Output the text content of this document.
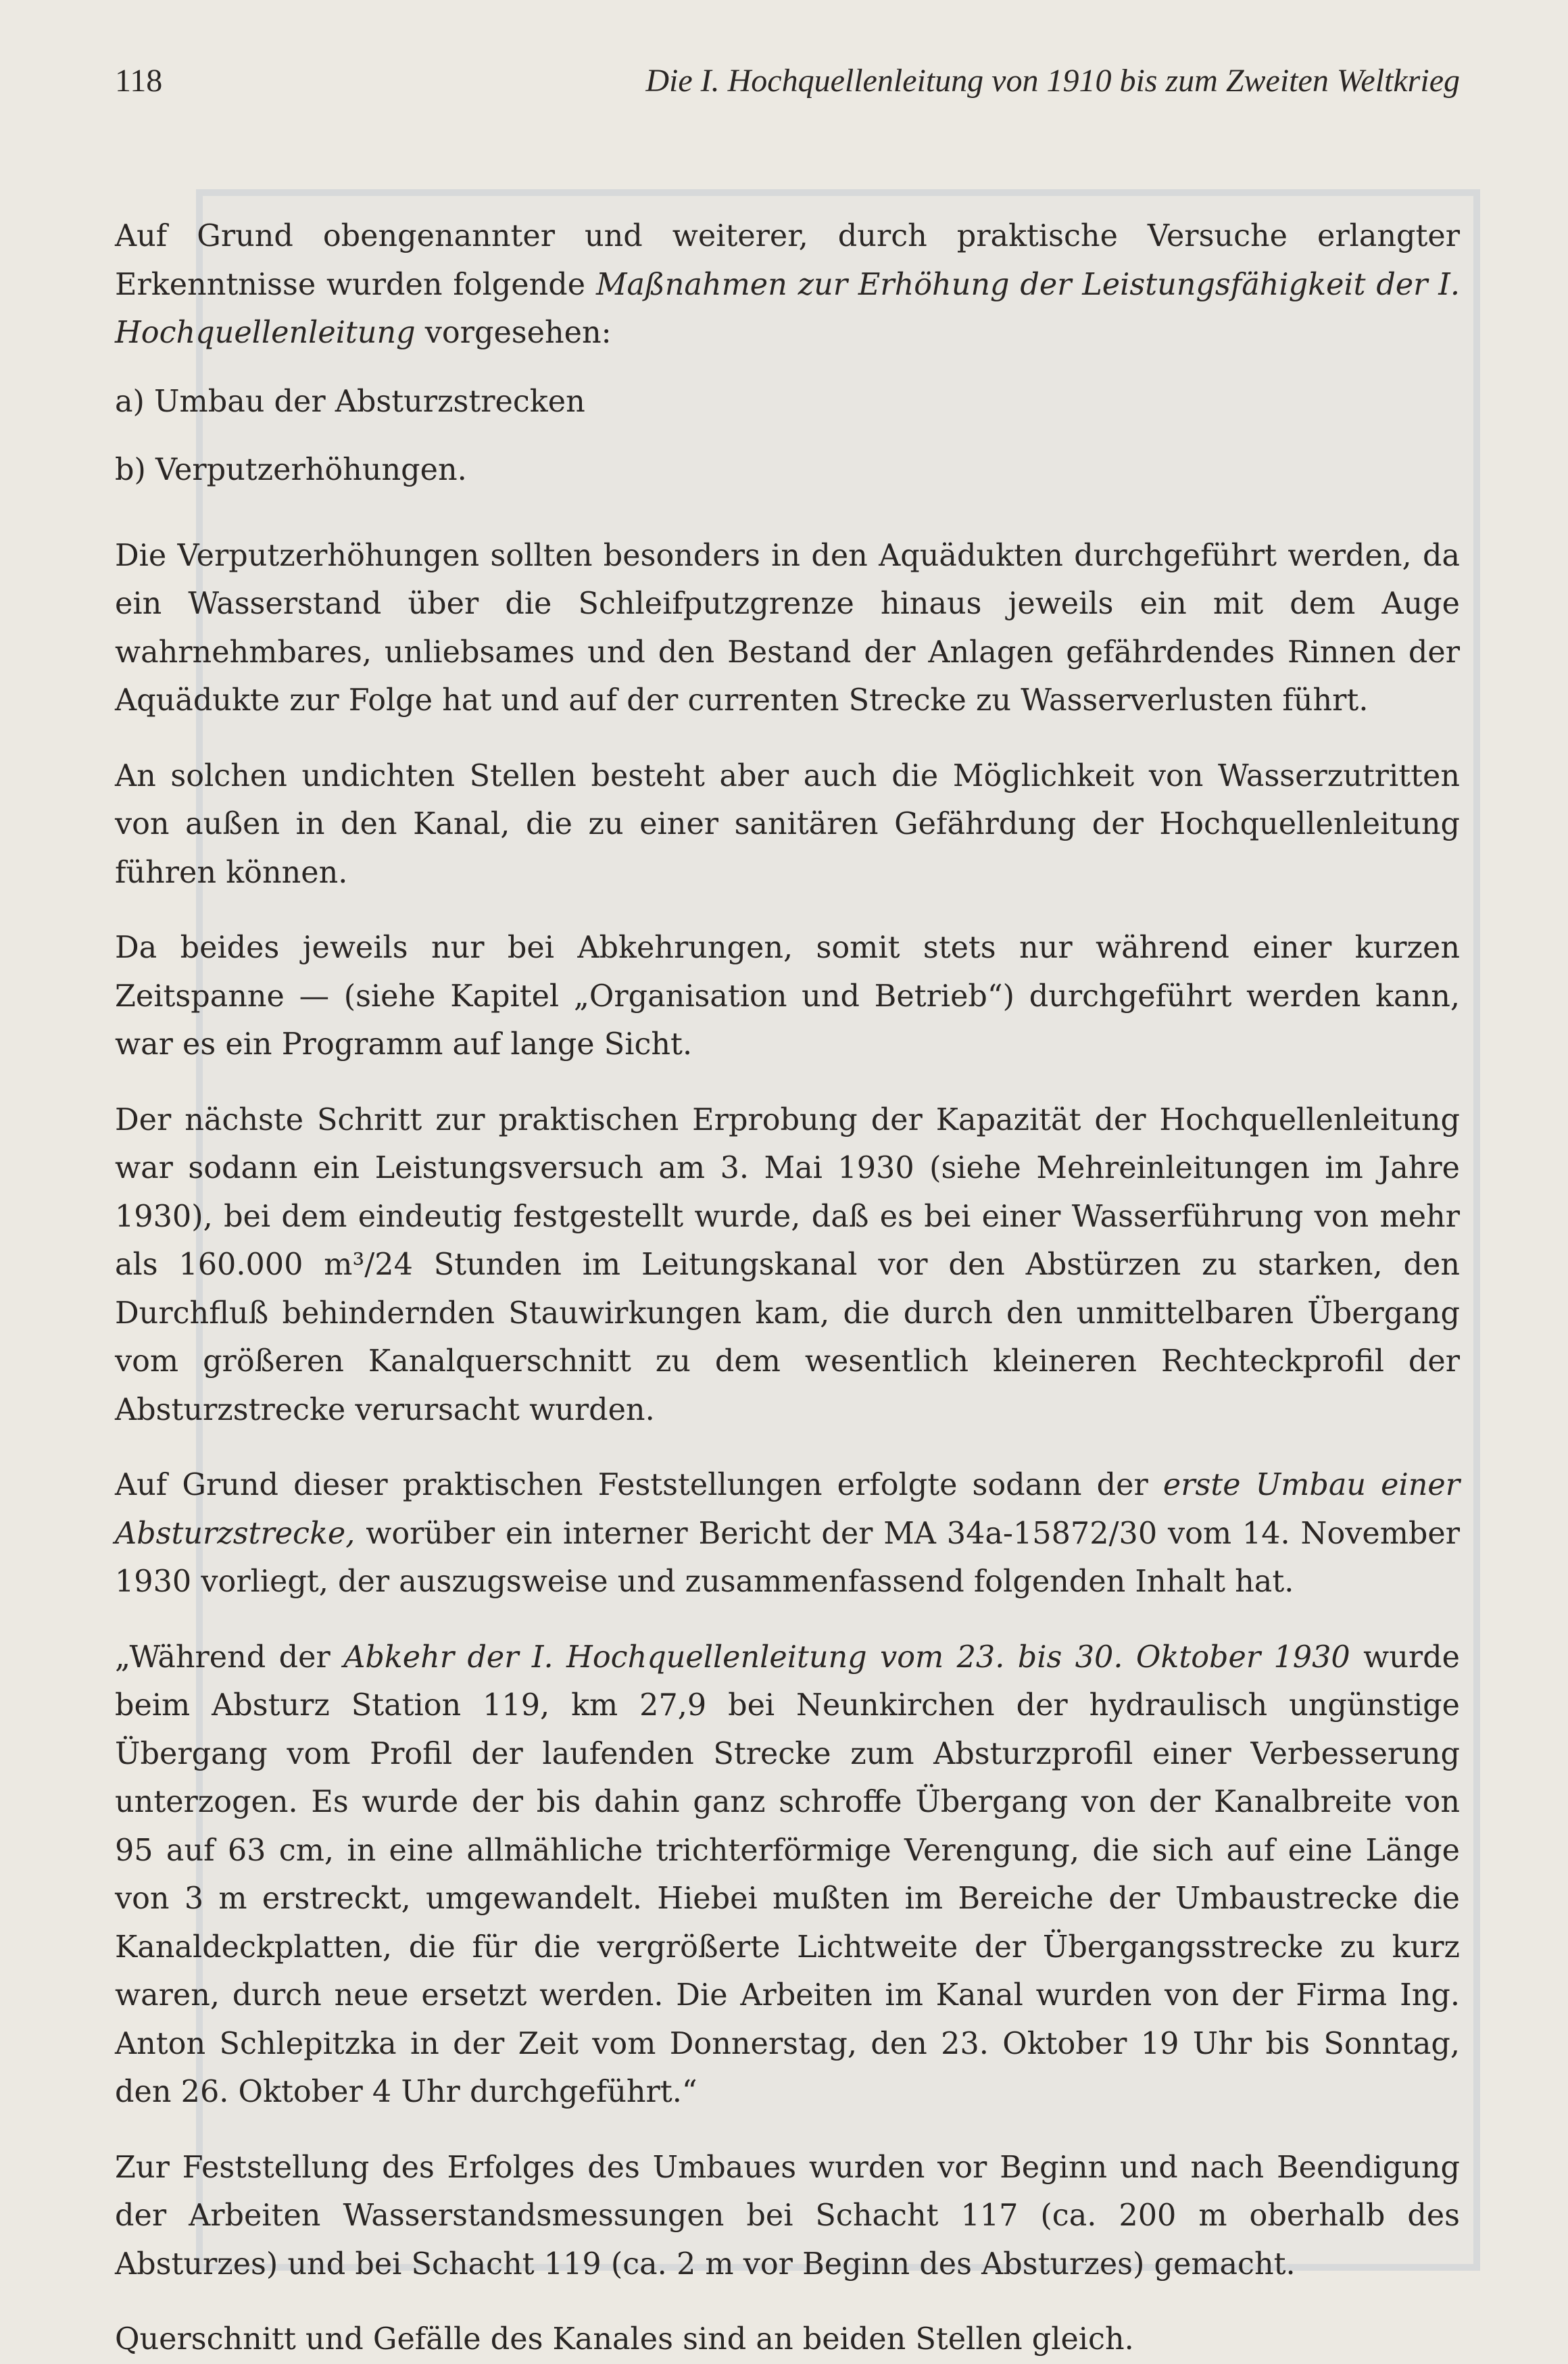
118	Die I. Hochquellenleitung von 1910 bis zum Zweiten Weltkrieg

Auf Grund obengenannter und weiterer, durch praktische Versuche erlangter Erkenntnisse wurden folgende Maßnahmen zur Erhöhung der Leistungsfähigkeit der I. Hochquellenleitung vorgesehen:

a) Umbau der Absturzstrecken

b) Verputzerhöhungen.

Die Verputzerhöhungen sollten besonders in den Aquädukten durchgeführt werden, da ein Wasserstand über die Schleifputzgrenze hinaus jeweils ein mit dem Auge wahrnehmbares, unliebsames und den Bestand der Anlagen gefährdendes Rinnen der Aquädukte zur Folge hat und auf der currenten Strecke zu Wasserverlusten führt.

An solchen undichten Stellen besteht aber auch die Möglichkeit von Wasserzutritten von außen in den Kanal, die zu einer sanitären Gefährdung der Hochquellenleitung führen können.

Da beides jeweils nur bei Abkehrungen, somit stets nur während einer kurzen Zeitspanne — (siehe Kapitel „Organisation und Betrieb“) durchgeführt werden kann, war es ein Programm auf lange Sicht.

Der nächste Schritt zur praktischen Erprobung der Kapazität der Hochquellenleitung war sodann ein Leistungsversuch am 3. Mai 1930 (siehe Mehreinleitungen im Jahre 1930), bei dem eindeutig festgestellt wurde, daß es bei einer Wasserführung von mehr als 160.000 m³/24 Stunden im Leitungskanal vor den Abstürzen zu starken, den Durchfluß behindernden Stauwirkungen kam, die durch den unmittelbaren Übergang vom größeren Kanalquerschnitt zu dem wesentlich kleineren Rechteckprofil der Absturzstrecke verursacht wurden.

Auf Grund dieser praktischen Feststellungen erfolgte sodann der erste Umbau einer Absturzstrecke, worüber ein interner Bericht der MA 34a-15872/30 vom 14. November 1930 vorliegt, der auszugsweise und zusammenfassend folgenden Inhalt hat.

„Während der Abkehr der I. Hochquellenleitung vom 23. bis 30. Oktober 1930 wurde beim Absturz Station 119, km 27,9 bei Neunkirchen der hydraulisch ungünstige Übergang vom Profil der laufenden Strecke zum Absturzprofil einer Verbesserung unterzogen. Es wurde der bis dahin ganz schroffe Übergang von der Kanalbreite von 95 auf 63 cm, in eine allmähliche trichterförmige Verengung, die sich auf eine Länge von 3 m erstreckt, umgewandelt. Hiebei mußten im Bereiche der Umbaustrecke die Kanaldeckplatten, die für die vergrößerte Lichtweite der Übergangsstrecke zu kurz waren, durch neue ersetzt werden. Die Arbeiten im Kanal wurden von der Firma Ing. Anton Schlepitzka in der Zeit vom Donnerstag, den 23. Oktober 19 Uhr bis Sonntag, den 26. Oktober 4 Uhr durchgeführt.“

Zur Feststellung des Erfolges des Umbaues wurden vor Beginn und nach Beendigung der Arbeiten Wasserstandsmessungen bei Schacht 117 (ca. 200 m oberhalb des Absturzes) und bei Schacht 119 (ca. 2 m vor Beginn des Absturzes) gemacht.

Querschnitt und Gefälle des Kanales sind an beiden Stellen gleich.
